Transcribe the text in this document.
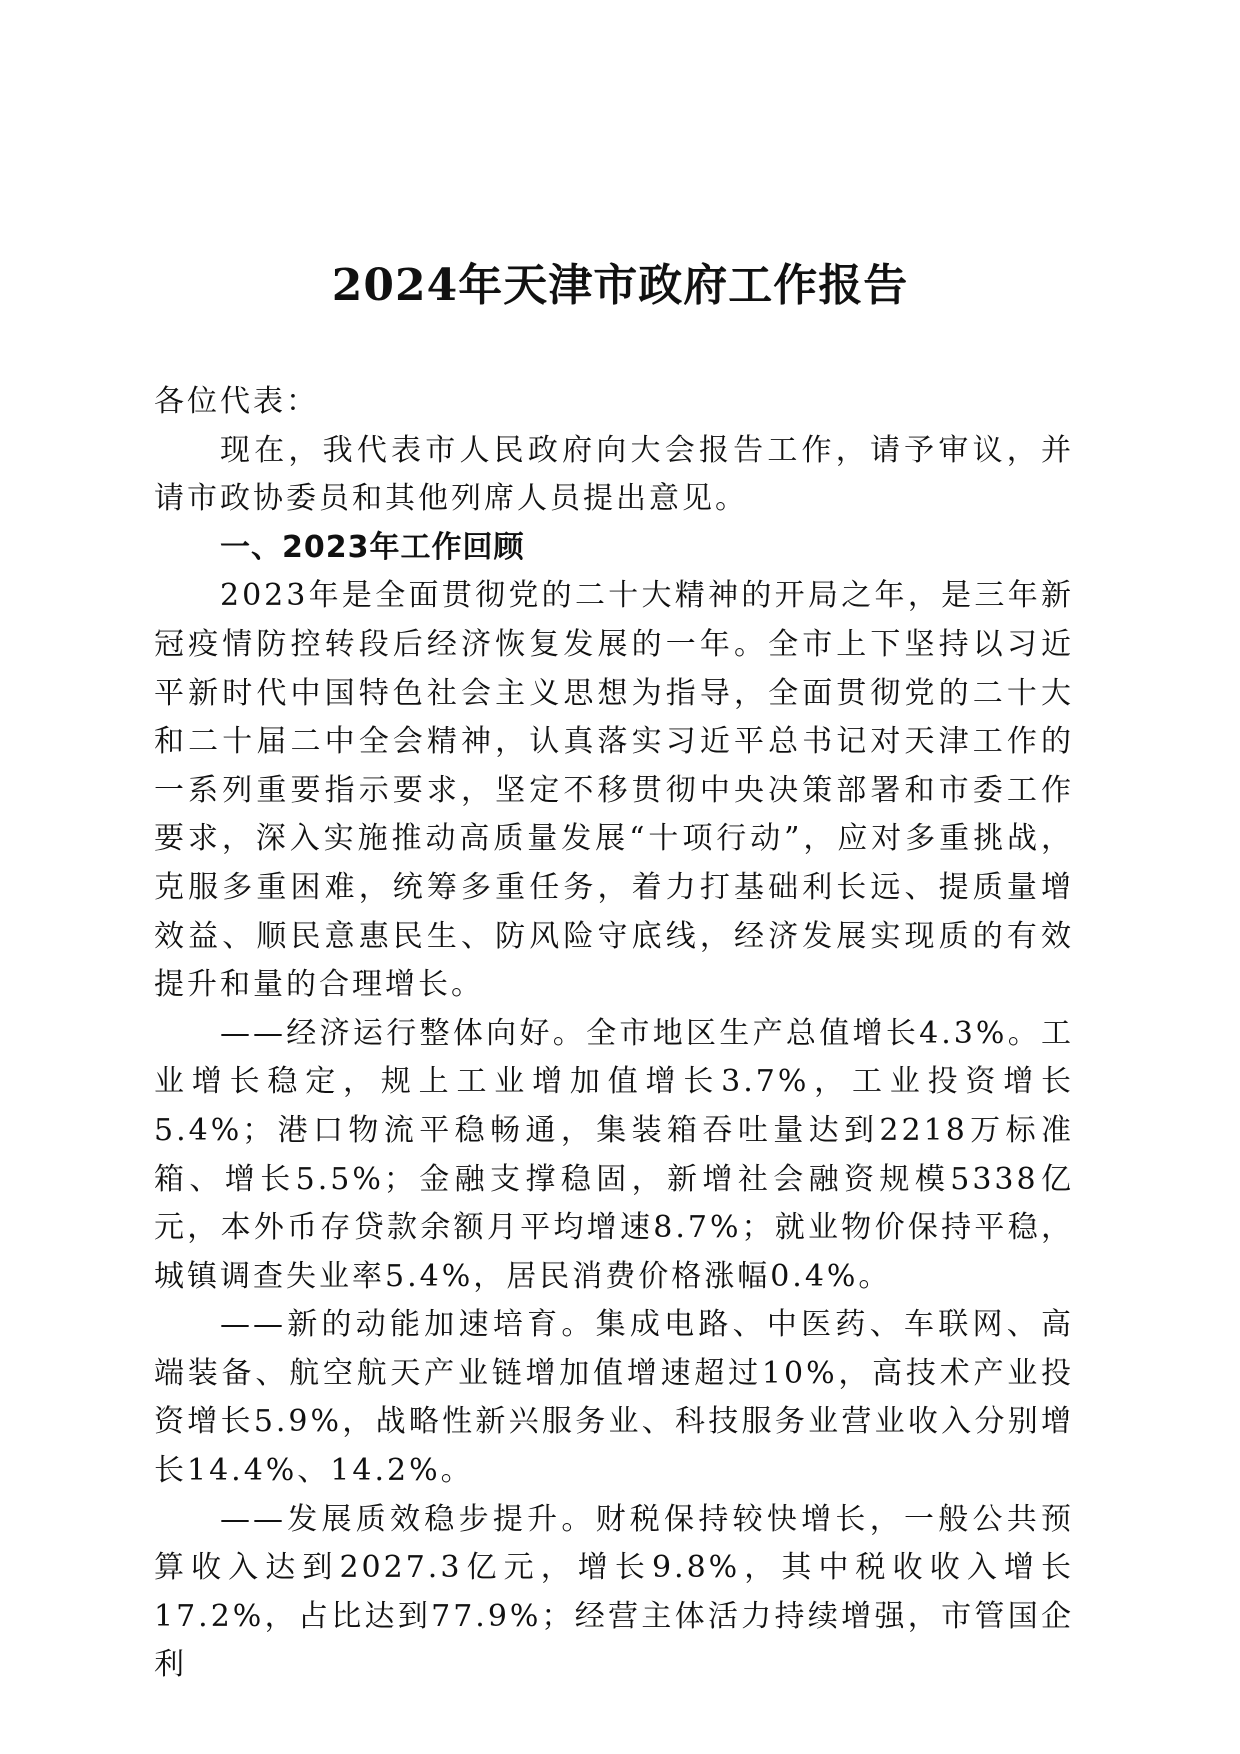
2024年天津市政府工作报告

各位代表：

现在，我代表市人民政府向大会报告工作，请予审议，并请市政协委员和其他列席人员提出意见。

一、2023年工作回顾

2023年是全面贯彻党的二十大精神的开局之年，是三年新冠疫情防控转段后经济恢复发展的一年。全市上下坚持以习近平新时代中国特色社会主义思想为指导，全面贯彻党的二十大和二十届二中全会精神，认真落实习近平总书记对天津工作的一系列重要指示要求，坚定不移贯彻中央决策部署和市委工作要求，深入实施推动高质量发展“十项行动”，应对多重挑战，克服多重困难，统筹多重任务，着力打基础利长远、提质量增效益、顺民意惠民生、防风险守底线，经济发展实现质的有效提升和量的合理增长。

——经济运行整体向好。全市地区生产总值增长4.3%。工业增长稳定，规上工业增加值增长3.7%，工业投资增长5.4%；港口物流平稳畅通，集装箱吞吐量达到2218万标准箱、增长5.5%；金融支撑稳固，新增社会融资规模5338亿元，本外币存贷款余额月平均增速8.7%；就业物价保持平稳，城镇调查失业率5.4%，居民消费价格涨幅0.4%。

——新的动能加速培育。集成电路、中医药、车联网、高端装备、航空航天产业链增加值增速超过10%，高技术产业投资增长5.9%，战略性新兴服务业、科技服务业营业收入分别增长14.4%、14.2%。

——发展质效稳步提升。财税保持较快增长，一般公共预算收入达到2027.3亿元，增长9.8%，其中税收收入增长17.2%，占比达到77.9%；经营主体活力持续增强，市管国企利
